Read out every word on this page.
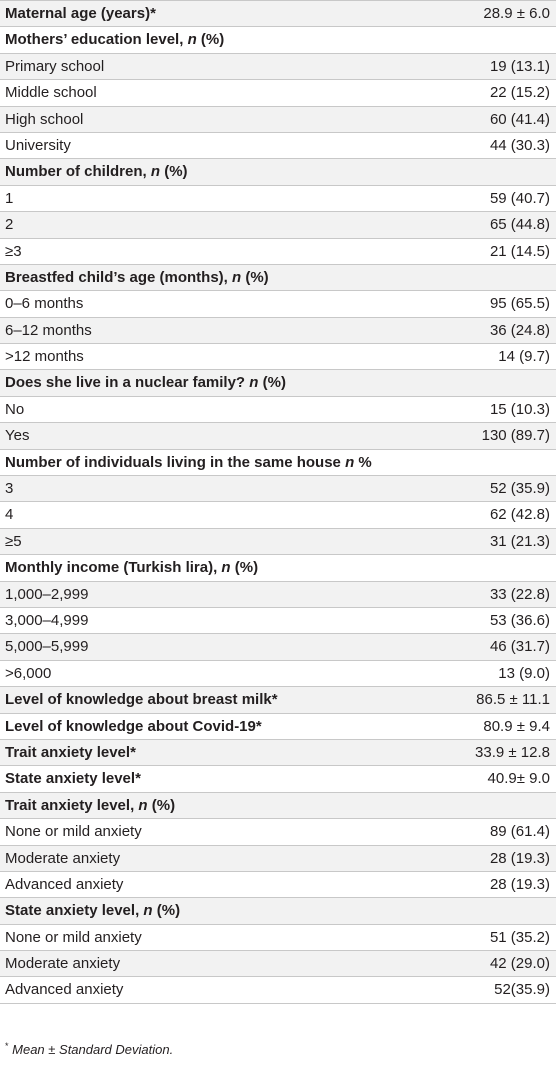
Maternal age (years)*	28.9 ± 6.0
Mothers’ education level, n (%)
Primary school	19 (13.1)
Middle school	22 (15.2)
High school	60 (41.4)
University	44 (30.3)
Number of children, n (%)
1	59 (40.7)
2	65 (44.8)
≥3	21 (14.5)
Breastfed child’s age (months), n (%)
0–6 months	95 (65.5)
6–12 months	36 (24.8)
>12 months	14 (9.7)
Does she live in a nuclear family? n (%)
No	15 (10.3)
Yes	130 (89.7)
Number of individuals living in the same house n %
3	52 (35.9)
4	62 (42.8)
≥5	31 (21.3)
Monthly income (Turkish lira), n (%)
1,000–2,999	33 (22.8)
3,000–4,999	53 (36.6)
5,000–5,999	46 (31.7)
>6,000	13 (9.0)
Level of knowledge about breast milk*	86.5 ± 11.1
Level of knowledge about Covid-19*	80.9 ± 9.4
Trait anxiety level*	33.9 ± 12.8
State anxiety level*	40.9± 9.0
Trait anxiety level, n (%)
None or mild anxiety	89 (61.4)
Moderate anxiety	28 (19.3)
Advanced anxiety	28 (19.3)
State anxiety level, n (%)
None or mild anxiety	51 (35.2)
Moderate anxiety	42 (29.0)
Advanced anxiety	52(35.9)
* Mean ± Standard Deviation.
